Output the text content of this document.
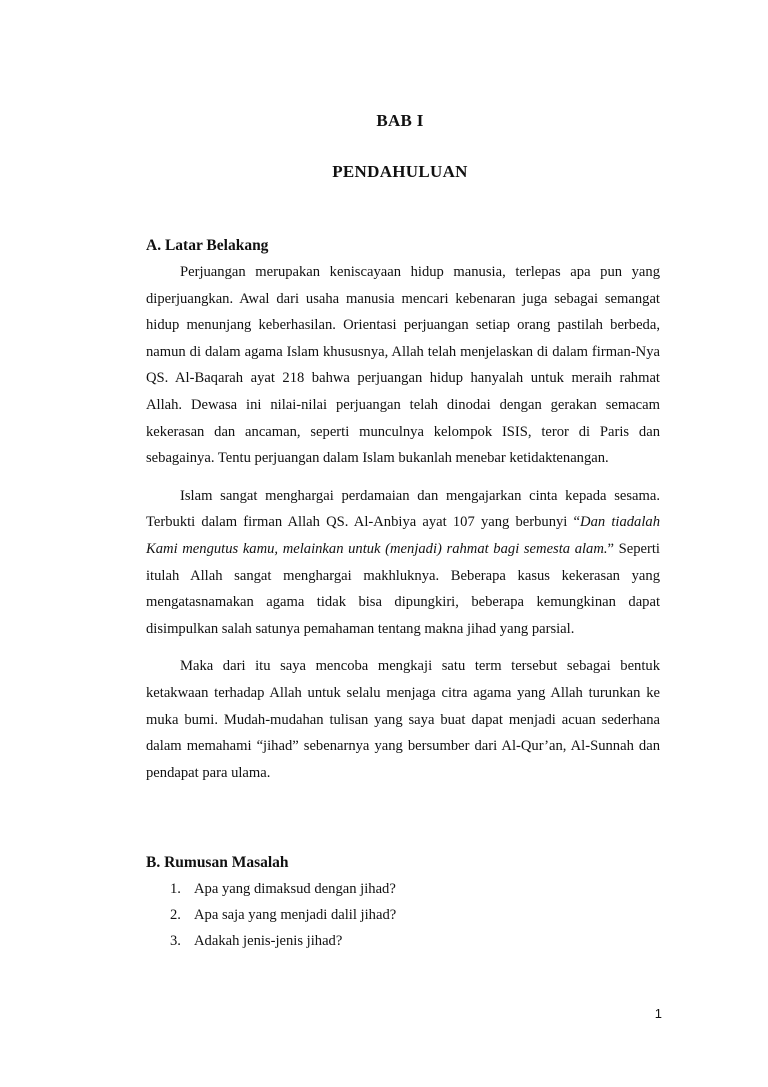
BAB I
PENDAHULUAN
A. Latar Belakang

Perjuangan merupakan keniscayaan hidup manusia, terlepas apa pun yang diperjuangkan. Awal dari usaha manusia mencari kebenaran juga sebagai semangat hidup menunjang keberhasilan. Orientasi perjuangan setiap orang pastilah berbeda, namun di dalam agama Islam khususnya, Allah telah menjelaskan di dalam firman-Nya QS. Al-Baqarah ayat 218 bahwa perjuangan hidup hanyalah untuk meraih rahmat Allah. Dewasa ini nilai-nilai perjuangan telah dinodai dengan gerakan semacam kekerasan dan ancaman, seperti munculnya kelompok ISIS, teror di Paris dan sebagainya. Tentu perjuangan dalam Islam bukanlah menebar ketidaktenangan.

Islam sangat menghargai perdamaian dan mengajarkan cinta kepada sesama. Terbukti dalam firman Allah QS. Al-Anbiya ayat 107 yang berbunyi “Dan tiadalah Kami mengutus kamu, melainkan untuk (menjadi) rahmat bagi semesta alam.” Seperti itulah Allah sangat menghargai makhluknya. Beberapa kasus kekerasan yang mengatasnamakan agama tidak bisa dipungkiri, beberapa kemungkinan dapat disimpulkan salah satunya pemahaman tentang makna jihad yang parsial.

Maka dari itu saya mencoba mengkaji satu term tersebut sebagai bentuk ketakwaan terhadap Allah untuk selalu menjaga citra agama yang Allah turunkan ke muka bumi. Mudah-mudahan tulisan yang saya buat dapat menjadi acuan sederhana dalam memahami “jihad” sebenarnya yang bersumber dari Al-Qur’an, Al-Sunnah dan pendapat para ulama.

B. Rumusan Masalah
1. Apa yang dimaksud dengan jihad?
2. Apa saja yang menjadi dalil jihad?
3. Adakah jenis-jenis jihad?
1
